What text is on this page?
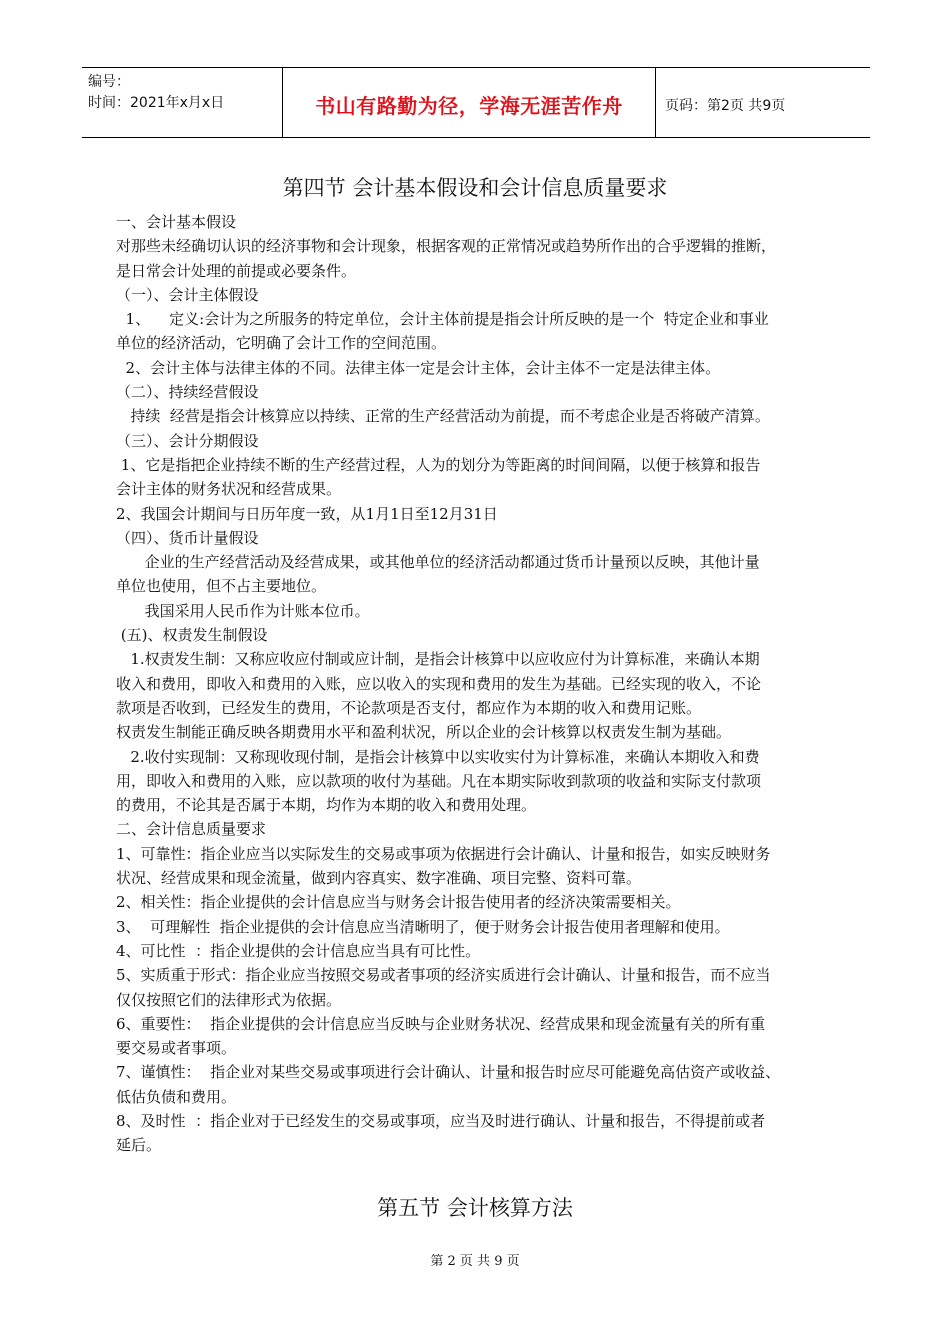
编号：
时间：2021年x月x日	书山有路勤为径，学海无涯苦作舟	页码：第2页 共9页
第四节 会计基本假设和会计信息质量要求

一、会计基本假设

对那些未经确切认识的经济事物和会计现象，根据客观的正常情况或趋势所作出的合乎逻辑的推断，

是日常会计处理的前提或必要条件。

（一）、会计主体假设

1、    定义:会计为之所服务的特定单位，会计主体前提是指会计所反映的是一个  特定企业和事业

单位的经济活动，它明确了会计工作的空间范围。

2、会计主体与法律主体的不同。法律主体一定是会计主体，会计主体不一定是法律主体。

（二）、持续经营假设

持续  经营是指会计核算应以持续、正常的生产经营活动为前提，而不考虑企业是否将破产清算。

（三）、会计分期假设

1、它是指把企业持续不断的生产经营过程，人为的划分为等距离的时间间隔，以便于核算和报告

会计主体的财务状况和经营成果。

2、我国会计期间与日历年度一致，从1月1日至12月31日

（四）、货币计量假设

企业的生产经营活动及经营成果，或其他单位的经济活动都通过货币计量预以反映，其他计量

单位也使用，但不占主要地位。

我国采用人民币作为计账本位币。

(五)、权责发生制假设

1.权责发生制：又称应收应付制或应计制，是指会计核算中以应收应付为计算标准，来确认本期

收入和费用，即收入和费用的入账，应以收入的实现和费用的发生为基础。已经实现的收入，不论

款项是否收到，已经发生的费用，不论款项是否支付，都应作为本期的收入和费用记账。

权责发生制能正确反映各期费用水平和盈利状况，所以企业的会计核算以权责发生制为基础。

2.收付实现制：又称现收现付制，是指会计核算中以实收实付为计算标准，来确认本期收入和费

用，即收入和费用的入账，应以款项的收付为基础。凡在本期实际收到款项的收益和实际支付款项

的费用，不论其是否属于本期，均作为本期的收入和费用处理。

二、会计信息质量要求

1、可靠性：指企业应当以实际发生的交易或事项为依据进行会计确认、计量和报告，如实反映财务

状况、经营成果和现金流量，做到内容真实、数字准确、项目完整、资料可靠。

2、相关性：指企业提供的会计信息应当与财务会计报告使用者的经济决策需要相关。

3、  可理解性  指企业提供的会计信息应当清晰明了，便于财务会计报告使用者理解和使用。

4、可比性  ：指企业提供的会计信息应当具有可比性。

5、实质重于形式：指企业应当按照交易或者事项的经济实质进行会计确认、计量和报告，而不应当

仅仅按照它们的法律形式为依据。

6、重要性：  指企业提供的会计信息应当反映与企业财务状况、经营成果和现金流量有关的所有重

要交易或者事项。

7、谨慎性：  指企业对某些交易或事项进行会计确认、计量和报告时应尽可能避免高估资产或收益、

低估负债和费用。

8、及时性  ：指企业对于已经发生的交易或事项，应当及时进行确认、计量和报告，不得提前或者

延后。

第五节 会计核算方法
第 2 页 共 9 页
